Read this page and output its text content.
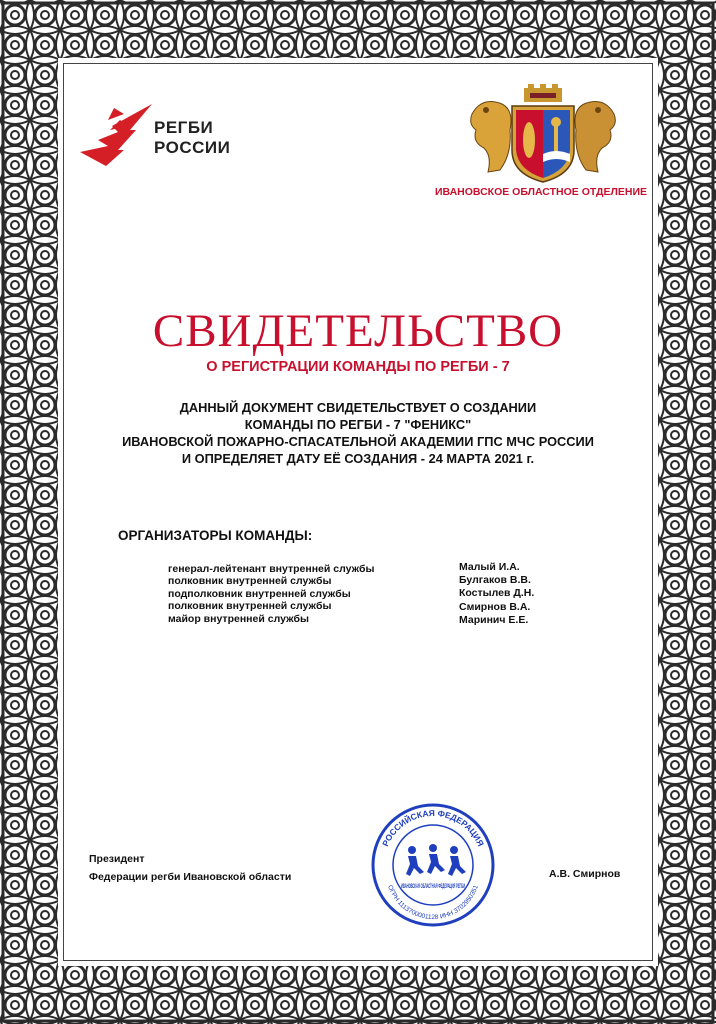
РЕГБИ
РОССИИ
ИВАНОВСКОЕ ОБЛАСТНОЕ ОТДЕЛЕНИЕ
СВИДЕТЕЛЬСТВО
О РЕГИСТРАЦИИ КОМАНДЫ ПО РЕГБИ - 7
ДАННЫЙ ДОКУМЕНТ СВИДЕТЕЛЬСТВУЕТ О СОЗДАНИИ
КОМАНДЫ ПО РЕГБИ - 7 "ФЕНИКС"
ИВАНОВСКОЙ ПОЖАРНО-СПАСАТЕЛЬНОЙ АКАДЕМИИ ГПС МЧС РОССИИ
И ОПРЕДЕЛЯЕТ ДАТУ ЕЁ СОЗДАНИЯ - 24 МАРТА 2021 г.
ОРГАНИЗАТОРЫ КОМАНДЫ:
генерал-лейтенант внутренней службы
полковник внутренней службы
подполковник внутренней службы
полковник внутренней службы
майор внутренней службы
Малый И.А.
Булгаков В.В.
Костылев Д.Н.
Смирнов В.А.
Маринич Е.Е.
Президент
Федерации регби Ивановской области	А.В. Смирнов
РОССИЙСКАЯ ФЕДЕРАЦИЯ
ОГРН 1113700001128 ИНН 3702950351
ИВАНОВСКАЯ ОБЛАСТНАЯ ФЕДЕРАЦИЯ РЕГБИ
